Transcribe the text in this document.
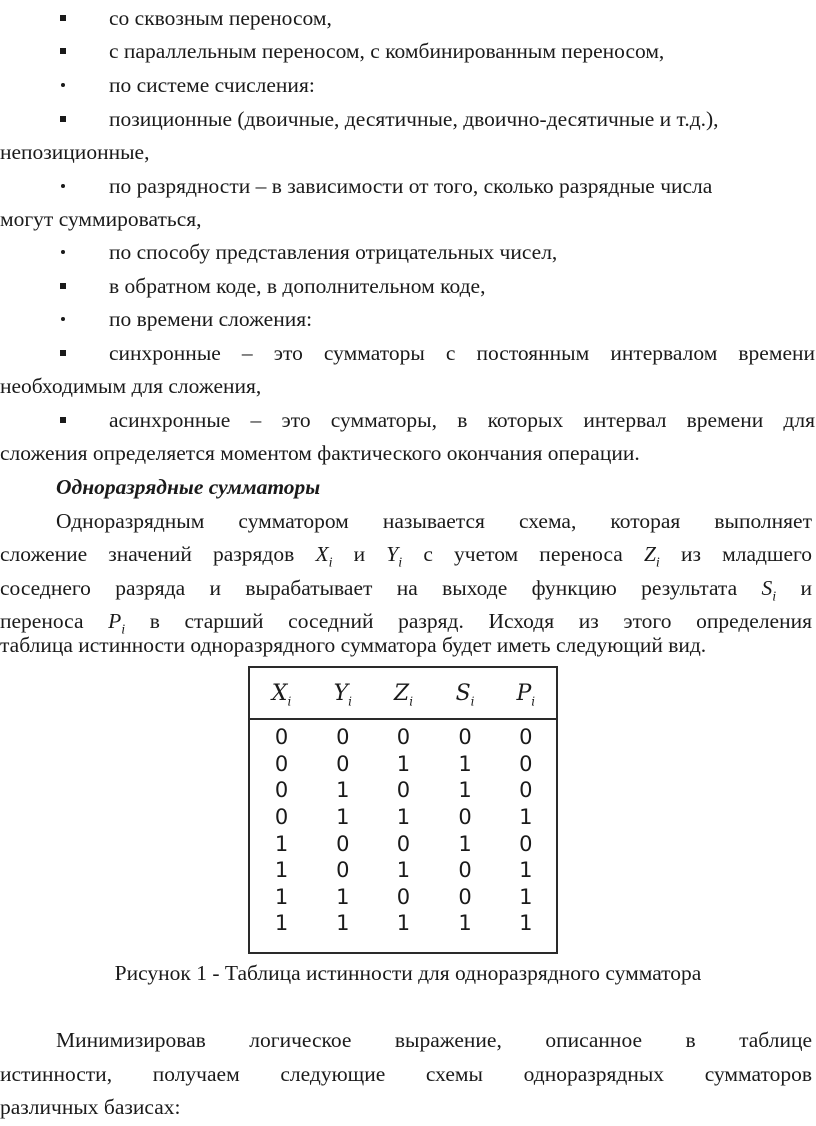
со сквозным переносом,
с параллельным переносом, с комбинированным переносом,
по системе счисления:
позиционные (двоичные, десятичные, двоично-десятичные и т.д.),
непозиционные,
по разрядности – в зависимости от того, сколько разрядные числа
могут суммироваться,
по способу представления отрицательных чисел,
в обратном коде, в дополнительном коде,
по времени сложения:
синхронные – это сумматоры с постоянным интервалом времени
необходимым для сложения,
асинхронные – это сумматоры, в которых интервал времени для
сложения определяется моментом фактического окончания операции.
Одноразрядные сумматоры
Одноразрядным сумматором называется схема, которая выполняет
сложение значений разрядов $X_i$ и $Y_i$ с учетом переноса $Z_i$ из младшего
соседнего разряда и вырабатывает на выходе функцию результата $S_i$ и
переноса $P_i$ в старший соседний разряд. Исходя из этого определения
таблица истинности одноразрядного сумматора будет иметь следующий вид.
$X_i$	$Y_i$	$Z_i$	$S_i$	$P_i$
0	0	0	0	0
0	0	1	1	0
0	1	0	1	0
0	1	1	0	1
1	0	0	1	0
1	0	1	0	1
1	1	0	0	1
1	1	1	1	1
Рисунок 1 - Таблица истинности для одноразрядного сумматора
Минимизировав логическое выражение, описанное в таблице
истинности, получаем следующие схемы одноразрядных сумматоров
различных базисах:
